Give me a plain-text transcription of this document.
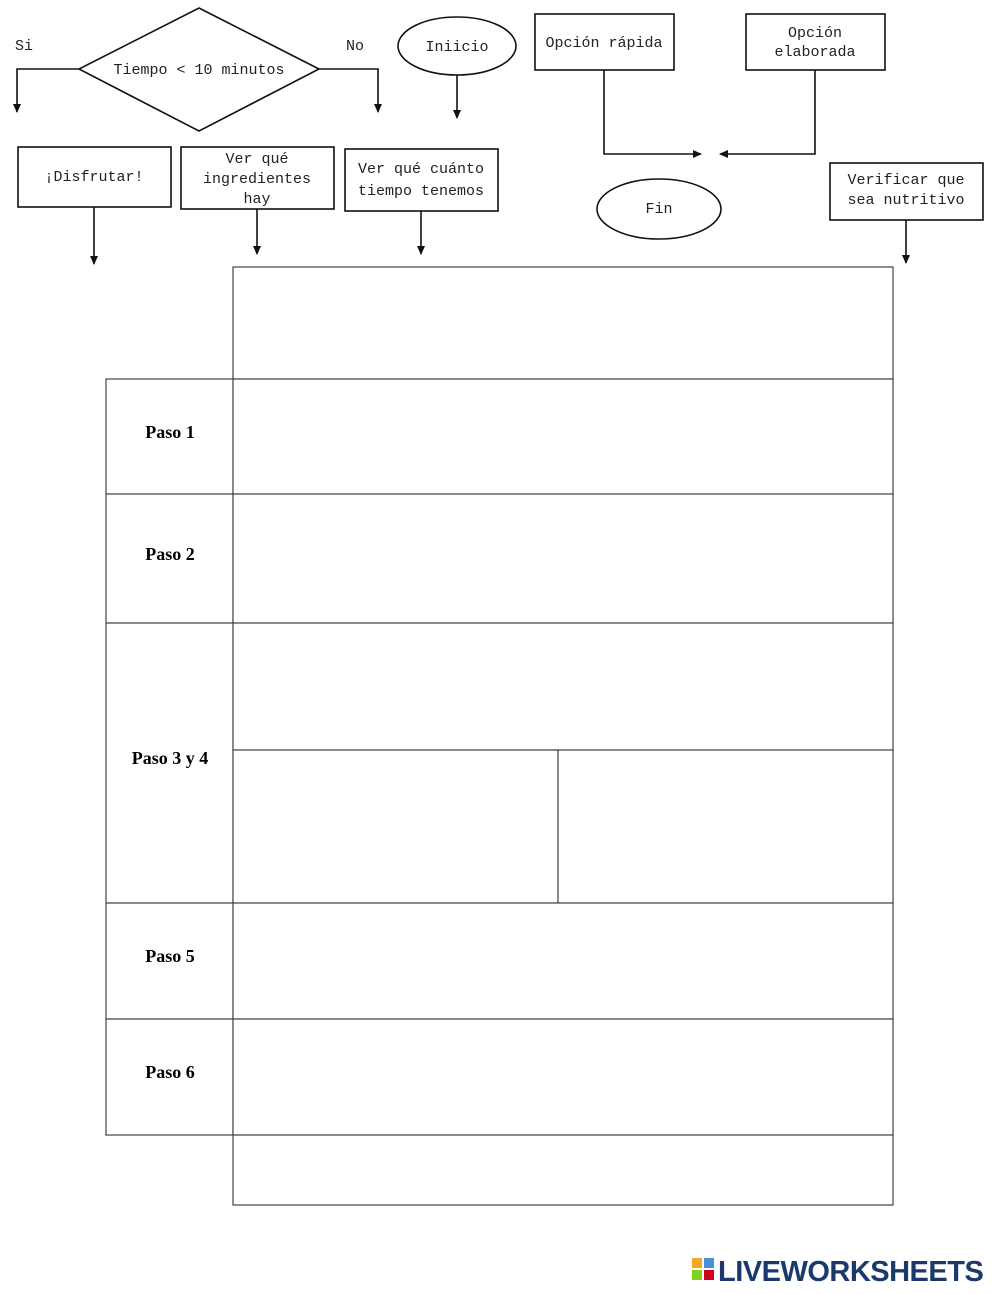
Tiempo < 10 minutos
Si	No	Iniicio	Opción rápida
Opción
elaborada
Fin
¡Disfrutar!
Ver qué
ingredientes
hay
Ver qué cuánto
tiempo tenemos
Verificar que
sea nutritivo
Paso 1
Paso 2
Paso 3 y 4
Paso 5
Paso 6
LIVEWORKSHEETS
